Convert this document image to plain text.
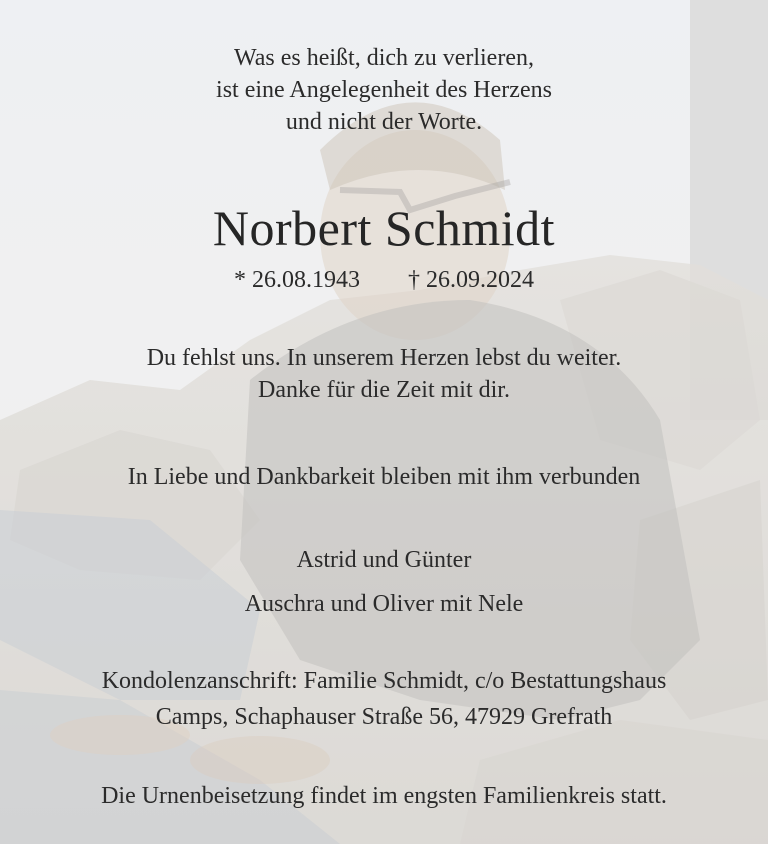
Was es heißt, dich zu verlieren,
ist eine Angelegenheit des Herzens
und nicht der Worte.
Norbert Schmidt
* 26.08.1943 † 26.09.2024
Du fehlst uns. In unserem Herzen lebst du weiter.
Danke für die Zeit mit dir.
In Liebe und Dankbarkeit bleiben mit ihm verbunden
Astrid und Günter
Auschra und Oliver mit Nele
Kondolenzanschrift: Familie Schmidt, c/o Bestattungshaus
Camps, Schaphauser Straße 56, 47929 Grefrath
Die Urnenbeisetzung findet im engsten Familienkreis statt.
